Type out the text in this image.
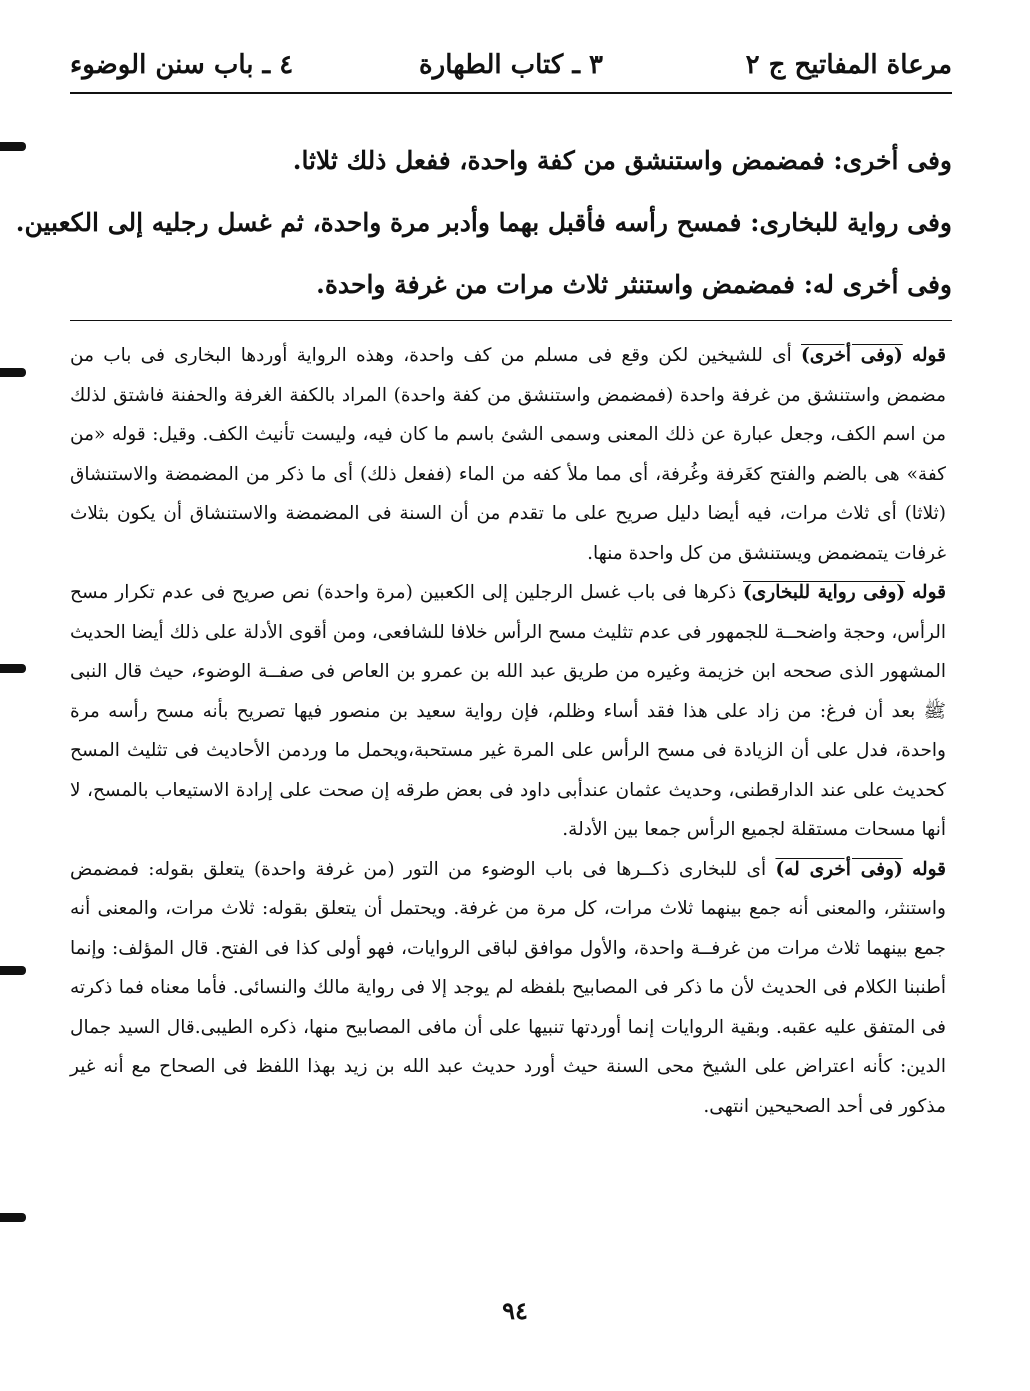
مرعاة المفاتيح ج ٢
٣ ـ كتاب الطهارة
٤ ـ باب سنن الوضوء

وفى أخرى: فمضمض واستنشق من كفة واحدة، ففعل ذلك ثلاثا.

وفى رواية للبخارى: فمسح رأسه فأقبل بهما وأدبر مرة واحدة، ثم غسل رجليه إلى الكعبين.

وفى أخرى له: فمضمض واستنثر ثلاث مرات من غرفة واحدة.

قوله (وفى أخرى) أى للشيخين لكن وقع فى مسلم من كف واحدة، وهذه الرواية أوردها البخارى فى باب من مضمض واستنشق من غرفة واحدة (فمضمض واستنشق من كفة واحدة) المراد بالكفة الغرفة والحفنة فاشتق لذلك من اسم الكف، وجعل عبارة عن ذلك المعنى وسمى الشئ باسم ما كان فيه، وليست تأنيث الكف. وقيل: قوله «من كفة» هى بالضم والفتح كغَرفة وغُرفة، أى مما ملأ كفه من الماء (ففعل ذلك) أى ما ذكر من المضمضة والاستنشاق (ثلاثا) أى ثلاث مرات، فيه أيضا دليل صريح على ما تقدم من أن السنة فى المضمضة والاستنشاق أن يكون بثلاث غرفات يتمضمض ويستنشق من كل واحدة منها.

قوله (وفى رواية للبخارى) ذكرها فى باب غسل الرجلين إلى الكعبين (مرة واحدة) نص صريح فى عدم تكرار مسح الرأس، وحجة واضحــة للجمهور فى عدم تثليث مسح الرأس خلافا للشافعى، ومن أقوى الأدلة على ذلك أيضا الحديث المشهور الذى صححه ابن خزيمة وغيره من طريق عبد الله بن عمرو بن العاص فى صفــة الوضوء، حيث قال النبى ﷺ بعد أن فرغ: من زاد على هذا فقد أساء وظلم، فإن رواية سعيد بن منصور فيها تصريح بأنه مسح رأسه مرة واحدة، فدل على أن الزيادة فى مسح الرأس على المرة غير مستحبة،ويحمل ما وردمن الأحاديث فى تثليث المسح كحديث على عند الدارقطنى، وحديث عثمان عندأبى داود فى بعض طرقه إن صحت على إرادة الاستيعاب بالمسح، لا أنها مسحات مستقلة لجميع الرأس جمعا بين الأدلة.

قوله (وفى أخرى له) أى للبخارى ذكــرها فى باب الوضوء من التور (من غرفة واحدة) يتعلق بقوله: فمضمض واستنثر، والمعنى أنه جمع بينهما ثلاث مرات، كل مرة من غرفة. ويحتمل أن يتعلق بقوله: ثلاث مرات، والمعنى أنه جمع بينهما ثلاث مرات من غرفــة واحدة، والأول موافق لباقى الروايات، فهو أولى كذا فى الفتح. قال المؤلف: وإنما أطنبنا الكلام فى الحديث لأن ما ذكر فى المصابيح بلفظه لم يوجد إلا فى رواية مالك والنسائى. فأما معناه فما ذكرته فى المتفق عليه عقبه. وبقية الروايات إنما أوردتها تنبيها على أن مافى المصابيح منها، ذكره الطيبى.قال السيد جمال الدين: كأنه اعتراض على الشيخ محى السنة حيث أورد حديث عبد الله بن زيد بهذا اللفظ فى الصحاح مع أنه غير مذكور فى أحد الصحيحين انتهى.

٩٤
